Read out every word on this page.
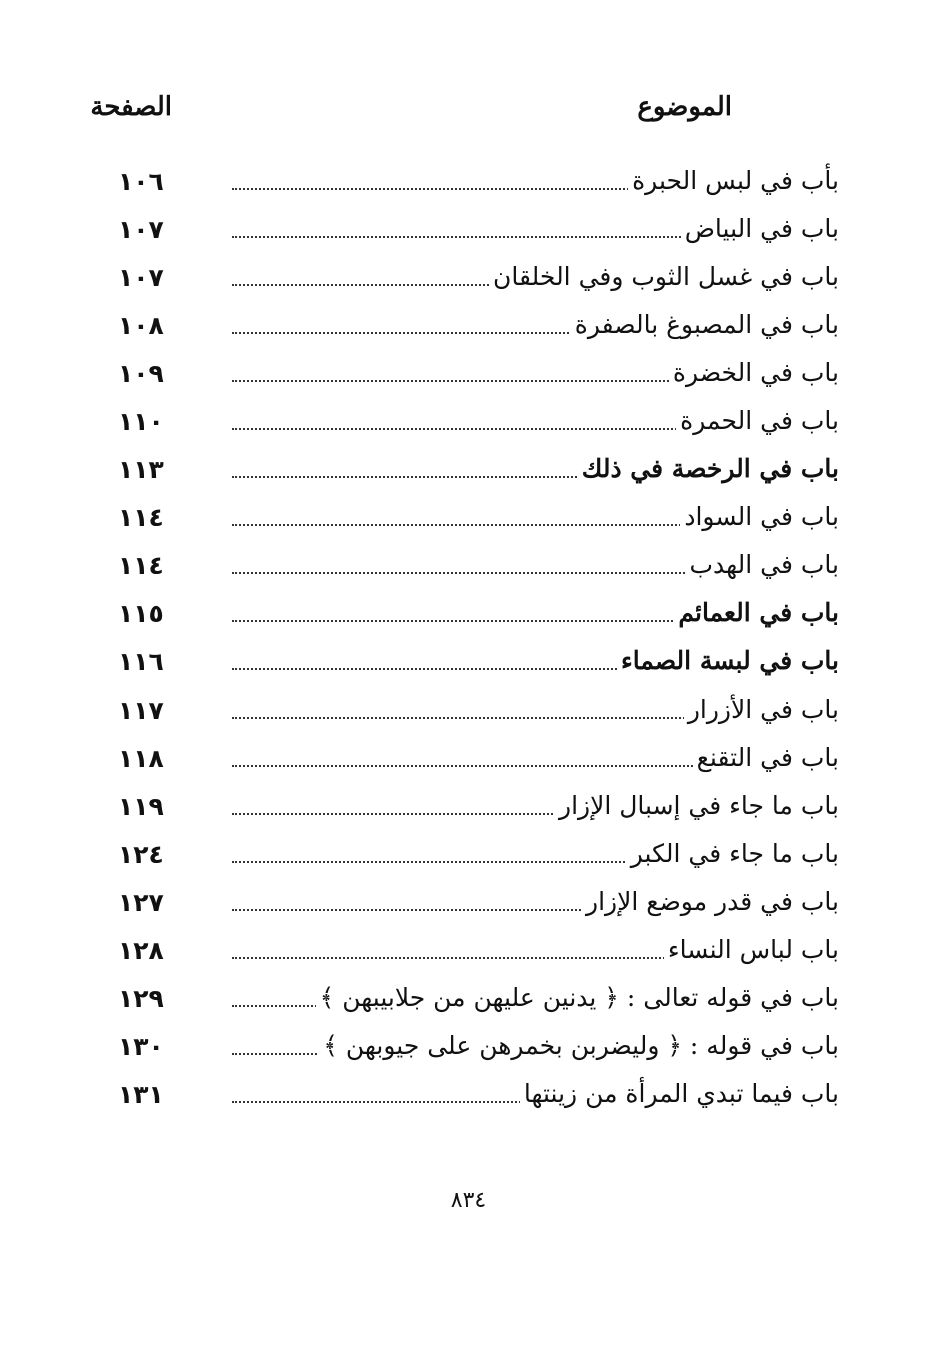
الموضوع
الصفحة
بأب في لبس الحبرة
١٠٦
باب في البياض
١٠٧
باب في غسل الثوب وفي الخلقان
١٠٧
باب في المصبوغ بالصفرة
١٠٨
باب في الخضرة
١٠٩
باب في الحمرة
١١٠
باب في الرخصة في ذلك
١١٣
باب في السواد
١١٤
باب في الهدب
١١٤
باب في العمائم
١١٥
باب في لبسة الصماء
١١٦
باب في الأزرار
١١٧
باب في التقنع
١١٨
باب ما جاء في إسبال الإزار
١١٩
باب ما جاء في الكبر
١٢٤
باب في قدر موضع الإزار
١٢٧
باب لباس النساء
١٢٨
باب في قوله تعالى : ﴿ يدنين عليهن من جلابيبهن ﴾
١٢٩
باب في قوله : ﴿ وليضربن بخمرهن على جيوبهن ﴾
١٣٠
باب فيما تبدي المرأة من زينتها
١٣١
٨٣٤
